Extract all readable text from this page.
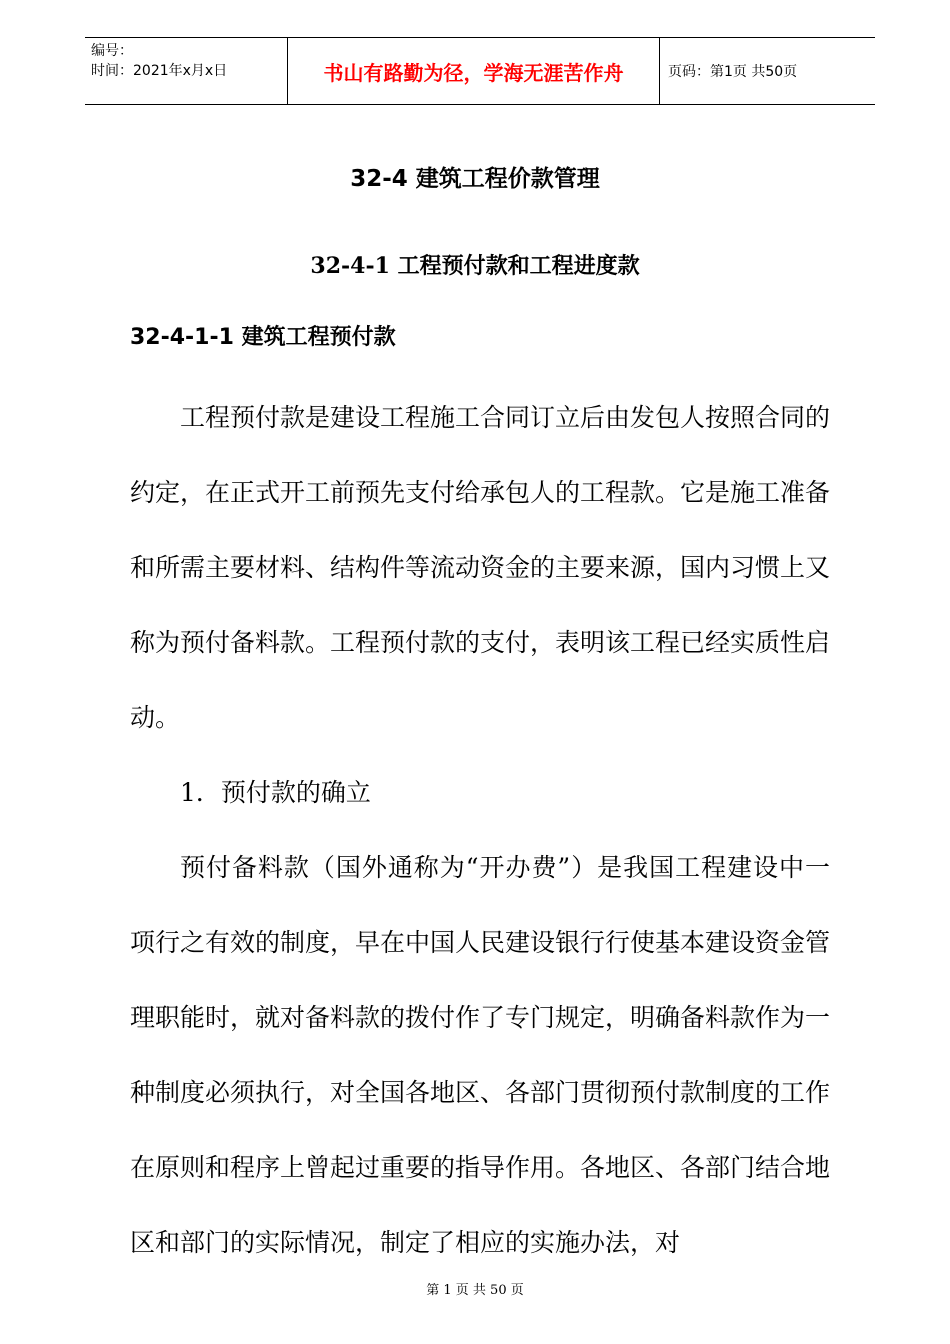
编号：
时间：2021年x月x日	书山有路勤为径，学海无涯苦作舟	页码：第1页 共50页
32-4 建筑工程价款管理
32-4-1 工程预付款和工程进度款
32-4-1-1 建筑工程预付款

工程预付款是建设工程施工合同订立后由发包人按照合同的约定，在正式开工前预先支付给承包人的工程款。它是施工准备和所需主要材料、结构件等流动资金的主要来源，国内习惯上又称为预付备料款。工程预付款的支付，表明该工程已经实质性启动。

1．预付款的确立

预付备料款（国外通称为“开办费”）是我国工程建设中一项行之有效的制度，早在中国人民建设银行行使基本建设资金管理职能时，就对备料款的拨付作了专门规定，明确备料款作为一种制度必须执行，对全国各地区、各部门贯彻预付款制度的工作在原则和程序上曾起过重要的指导作用。各地区、各部门结合地区和部门的实际情况，制定了相应的实施办法，对

第 1 页 共 50 页
